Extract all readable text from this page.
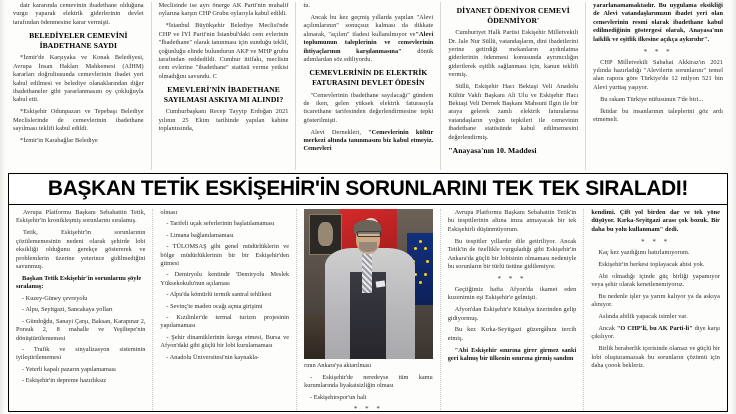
dair kararında cemevinin ibadethane olduğuna vurgu yaparak elektrik giderlerinin devlet tarafından ödenmesine karar vermişti.

BELEDİYELER CEMEVİNİ İBADETHANE SAYDI

*İzmir'de Karşıyaka ve Konak Belediyesi, Avrupa İnsan Hakları Mahkemesi (AİHM) kararları doğrultusunda cemevlerinin ibadet yeri kabul edilmesi ve belediye olanaklarından diğer ibadethaneler gibi yararlanmasını oy çokluğuyla kabul etti.

*Eskişehir Odunpazarı ve Tepebaşı Belediye Meclislerinde de cemevlerinin ibadethane sayılması teklifi kabul edildi.

*İzmir'in Karabağlar Belediye

Meclisinde ise ayrı önerge AK Parti'nin muhalif oylarına karşın CHP Grubu oylarıyla kabul edildi.

*İstanbul Büyükşehir Belediye Meclisi'nde CHP ve İYİ Parti'nin İstanbul'daki cem evlerinin "İbadethane" olarak tanınması için sunduğu teklif, çoğunluğu elinde bulundurun AKP ve MHP grubu tarafından reddedildi. Cumhur ittifakı, meclisin cem evlerine "ibadethane" statüsü verme yetkisi olmadığını savundu. C

EMEVLERİ'NİN İBADETHANE SAYILMASI ASKIYA MI ALINDI?

Cumhurbaşkanı Recep Tayyip Erdoğan 2021 yılının 25 Ekim tarihinde yapılan kabine toplantısında,

tu.

Ancak bu kez geçmiş yıllarda yapılan "Alevi açılımlarının" sonuçsuz kalması da dikkate alınarak, "açılım" ifadesi kullanılmıyor ve"Alevi toplumunun taleplerinin ve cemevlerinin ihtiyaçlarının karşılanmasına" dönük adımlardan söz ediliyordu.

CEMEVLERİNİN DE ELEKTRİK FATURASINI DEVLET ÖDESİN

"Cemevlerinin ibadethane sayılacağı" gündem de iken, gelen yüksek elektrik faturasıyla ticarethane tarifesinden değerlendirmesine tepki gösterilmişti.

Alevi Dernekleri, "Cemevlerinin kültür merkezi altında tanınmasını biz kabul etmeyiz. Cemevleri

DİYANET ÖDENİYOR CEMEVİ ÖDENMİYOR'

Cumhuriyet Halk Partisi Eskişehir Milletvekili Dr. Jale Nur Süllü, vatandaşların, dini ibadetlerini yerine getirdiği mekanların aydınlatma giderlerinin ödenmesi konusunda ayrımcılığın giderilerek eşitlik sağlanması için, kanun teklifi vermiş.

Süllü, Eskişehir Hacı Bektaşi Veli Anadolu Kültür Vakfı Başkanı Ali Ulu ve Eskişehir Hacı Bektaşi Veli Dernek Başkanı Mahsuni Ilgın ile bir araya gelerek zamlı elektrik faturalarına vatandaşların yoğun tepkileri ile cemevinin ibadethane statüsünde kabul edilmemesini değerlendirmiş.

"Anayasa'nın 10. Maddesi

yararlanamamaktadır. Bu uygulama eksikliği de Alevi vatandaşlarımızın ibadet yeri olan cemevlerinin resmi olarak ibadethane kabul edilmediğinin göstergesi olarak, Anayasa'nın laiklik ve eşitlik ilkesine açıkça aykırıdır".

* * *

CHP Milletvekili Sabahat Akkiraz'ın 2021 yılında hazırladığı "Alevilerin sorunlarını" temel alan rapora göre Türkiye'de 12 milyon 521 bin Alevi yurttaş yaşıyor.

Bu rakam Türkiye nüfusunun 7'de biri...

İktidar bu insanlarının taleplerini göz ardı etmemeli.

BAŞKAN TETİK ESKİŞEHİR'İN SORUNLARINI TEK TEK SIRALADI!

Avrupa Platformu Başkanı Sebahattin Tetik, Eskişehir'in kronikleşmiş sorunlarını sıralamış.

Tetik, Eskişehir'in sorunlarının çözülememesinin nedeni olarak şehirde lobi eksikliği olduğunu gerekçe göstererek ve problemlerin üzerine yeterince gidilmediğini savunmuş.

Başkan Tetik Eskişehir'in sorunlarını şöyle sıralamış:

- Kuzey-Güney çevreyolu

- Alpu, Seyitgazi, Sancakaya yolları

- Gündoğdu, Sanayi Çarşı, Baksan, Karapınar 2, Porsuk 2, 8 mahalle ve Yeşiltepe'nin dönüştürülememesi

- Trafik ve sinyalizasyon sisteminin iyileştirilememesi

- Yeterli kapalı pazarın yapılamaması

- Eskişehir'in depreme hazırlıksız

olması

- Tarifeli uçak seferlerinin başlatılamaması

- Limana bağlanılamaması

- TÜLOMSAŞ gibi genel müdürlüklerin ve bölge müdürlüklerinin bir bir Eskişehir'den gitmesi

- Demiryolu kentinde 'Demiryolu Meslek Yüksekokulu'nun açılaması

- Alpu'da kömürlü termik santral tehlikesi

- Sevinç'te maden ocağı açma girişimi

- Kızılinler'de termal turizm projesinin yapılamaması

- Şehir dinamiklerinin kavga etmesi, Bursa ve Afyon'daki gibi güçlü bir lobi kurulamaması

- Anadolu Üniversitesi'nin kaynakla-

rının Ankara'ya aktarılması

- Eskişehir'de neredeyse tüm kamu kurumlarında liyakatsizliğin olması

- Eskişehirspor'un hali

* * *

Avrupa Platformu Başkanı Sebahattin Tetik'in bu tespitlerinin altına imza atmayacak bir tek Eskişehirli düşünmüyorum.

Bu tespitler yıllardır dile getiriliyor. Ancak Tetik'in de özellikle vurguladığı gibi Eskişehir'in Ankara'da güçlü bir lobisinin olmaması nedeniyle bu sorunların bir türlü üstüne gidilemiyor.

* * *

Geçtiğimiz hafta Afyon'da ikamet eden kuzenimin eşi Eskişehir'e gelmişti.

Afyon'dan Eskişehir'e Kütahya üzerinden gelip gidiyormuş.

Bu kez Kırka-Seyitgazi güzergâhını tercih etmiş.

"Abi Eskişehir sınırına girer girmez sanki geri kalmış bir ülkenin sınırına girmiş sandım

kendimi. Çift yol birden dar ve tek yöne düşüyor. Kırka-Seyitgazi arası çok bozuk. Bir daha bu yolu kullanmam" dedi.

* * *

Kaç kez yazdığımı hatırlamıyorum.

Eskişehir'in herkesi toplayacak abisi yok.

Abi olmadığı içinde güç birliği yapamıyor veya şehir olarak kenetlenemiyoruz.

Bu nedenle işler ya yarım kalıyor ya da askıya alınıyor.

Aslında abilik yapacak isimler var.

Ancak "O CHP'li, bu AK Parti-li" diye karşı çıkılıyor.

Birlik beraberlik içerisinde olamaz ve güçlü bir lobi oluşturamazsak bu sorunların çözümü için daha çoook bekleriz.
